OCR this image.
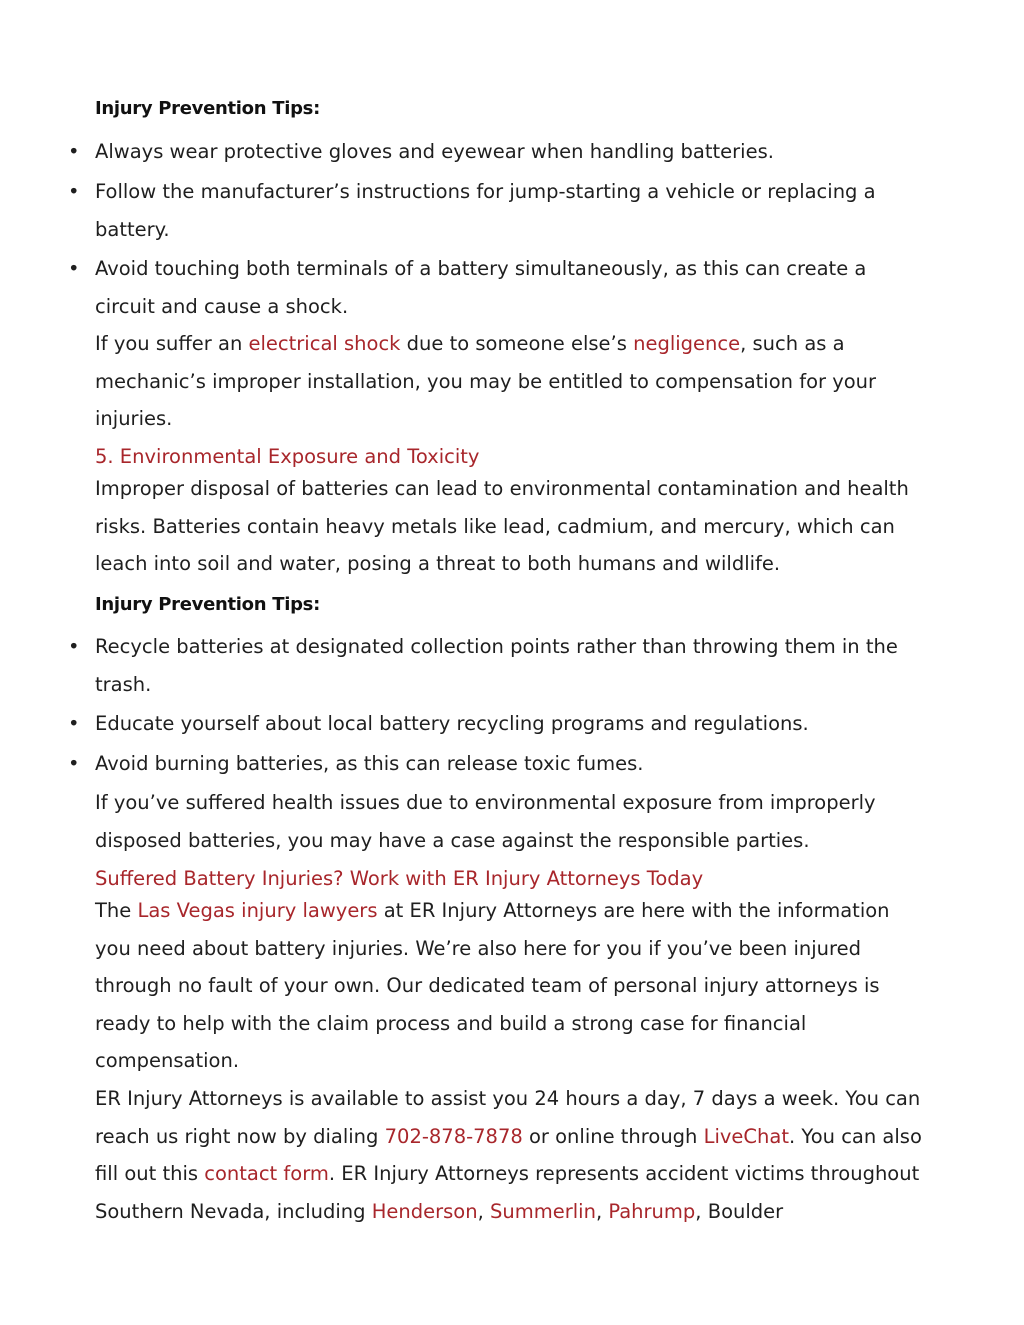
Injury Prevention Tips:
• Always wear protective gloves and eyewear when handling batteries.

• Follow the manufacturer’s instructions for jump-starting a vehicle or replacing a battery.

• Avoid touching both terminals of a battery simultaneously, as this can create a circuit and cause a shock.

If you suffer an electrical shock due to someone else’s negligence, such as a mechanic’s improper installation, you may be entitled to compensation for your injuries.

5. Environmental Exposure and Toxicity

Improper disposal of batteries can lead to environmental contamination and health risks. Batteries contain heavy metals like lead, cadmium, and mercury, which can leach into soil and water, posing a threat to both humans and wildlife.

Injury Prevention Tips:
• Recycle batteries at designated collection points rather than throwing them in the trash.

• Educate yourself about local battery recycling programs and regulations.

• Avoid burning batteries, as this can release toxic fumes.

If you’ve suffered health issues due to environmental exposure from improperly disposed batteries, you may have a case against the responsible parties.

Suffered Battery Injuries? Work with ER Injury Attorneys Today

The Las Vegas injury lawyers at ER Injury Attorneys are here with the information you need about battery injuries. We’re also here for you if you’ve been injured through no fault of your own. Our dedicated team of personal injury attorneys is ready to help with the claim process and build a strong case for financial compensation.

ER Injury Attorneys is available to assist you 24 hours a day, 7 days a week. You can reach us right now by dialing 702-878-7878 or online through LiveChat. You can also fill out this contact form. ER Injury Attorneys represents accident victims throughout Southern Nevada, including Henderson, Summerlin, Pahrump, Boulder
